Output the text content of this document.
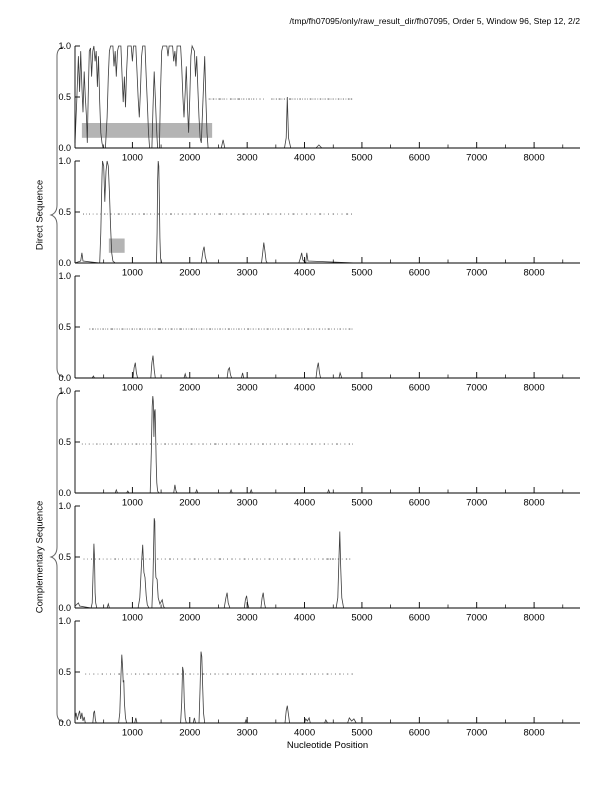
/tmp/fh07095/only/raw_result_dir/fh07095, Order 5, Window 96, Step 12, 2/2
Direct Sequence
Complementary Sequence
1000	2000	3000	4000	5000	6000	7000	8000
1.0
0.5
0.0
1000	2000	3000	4000	5000	6000	7000	8000
1.0
0.5
0.0
1000	2000	3000	4000	5000	6000	7000	8000
1.0
0.5
0.0
1000	2000	3000	4000	5000	6000	7000	8000
1.0
0.5
0.0
1000	2000	3000	4000	5000	6000	7000	8000
1.0
0.5
0.0
1000	2000	3000	4000	5000	6000	7000	8000
1.0
0.5
0.0
Nucleotide Position
